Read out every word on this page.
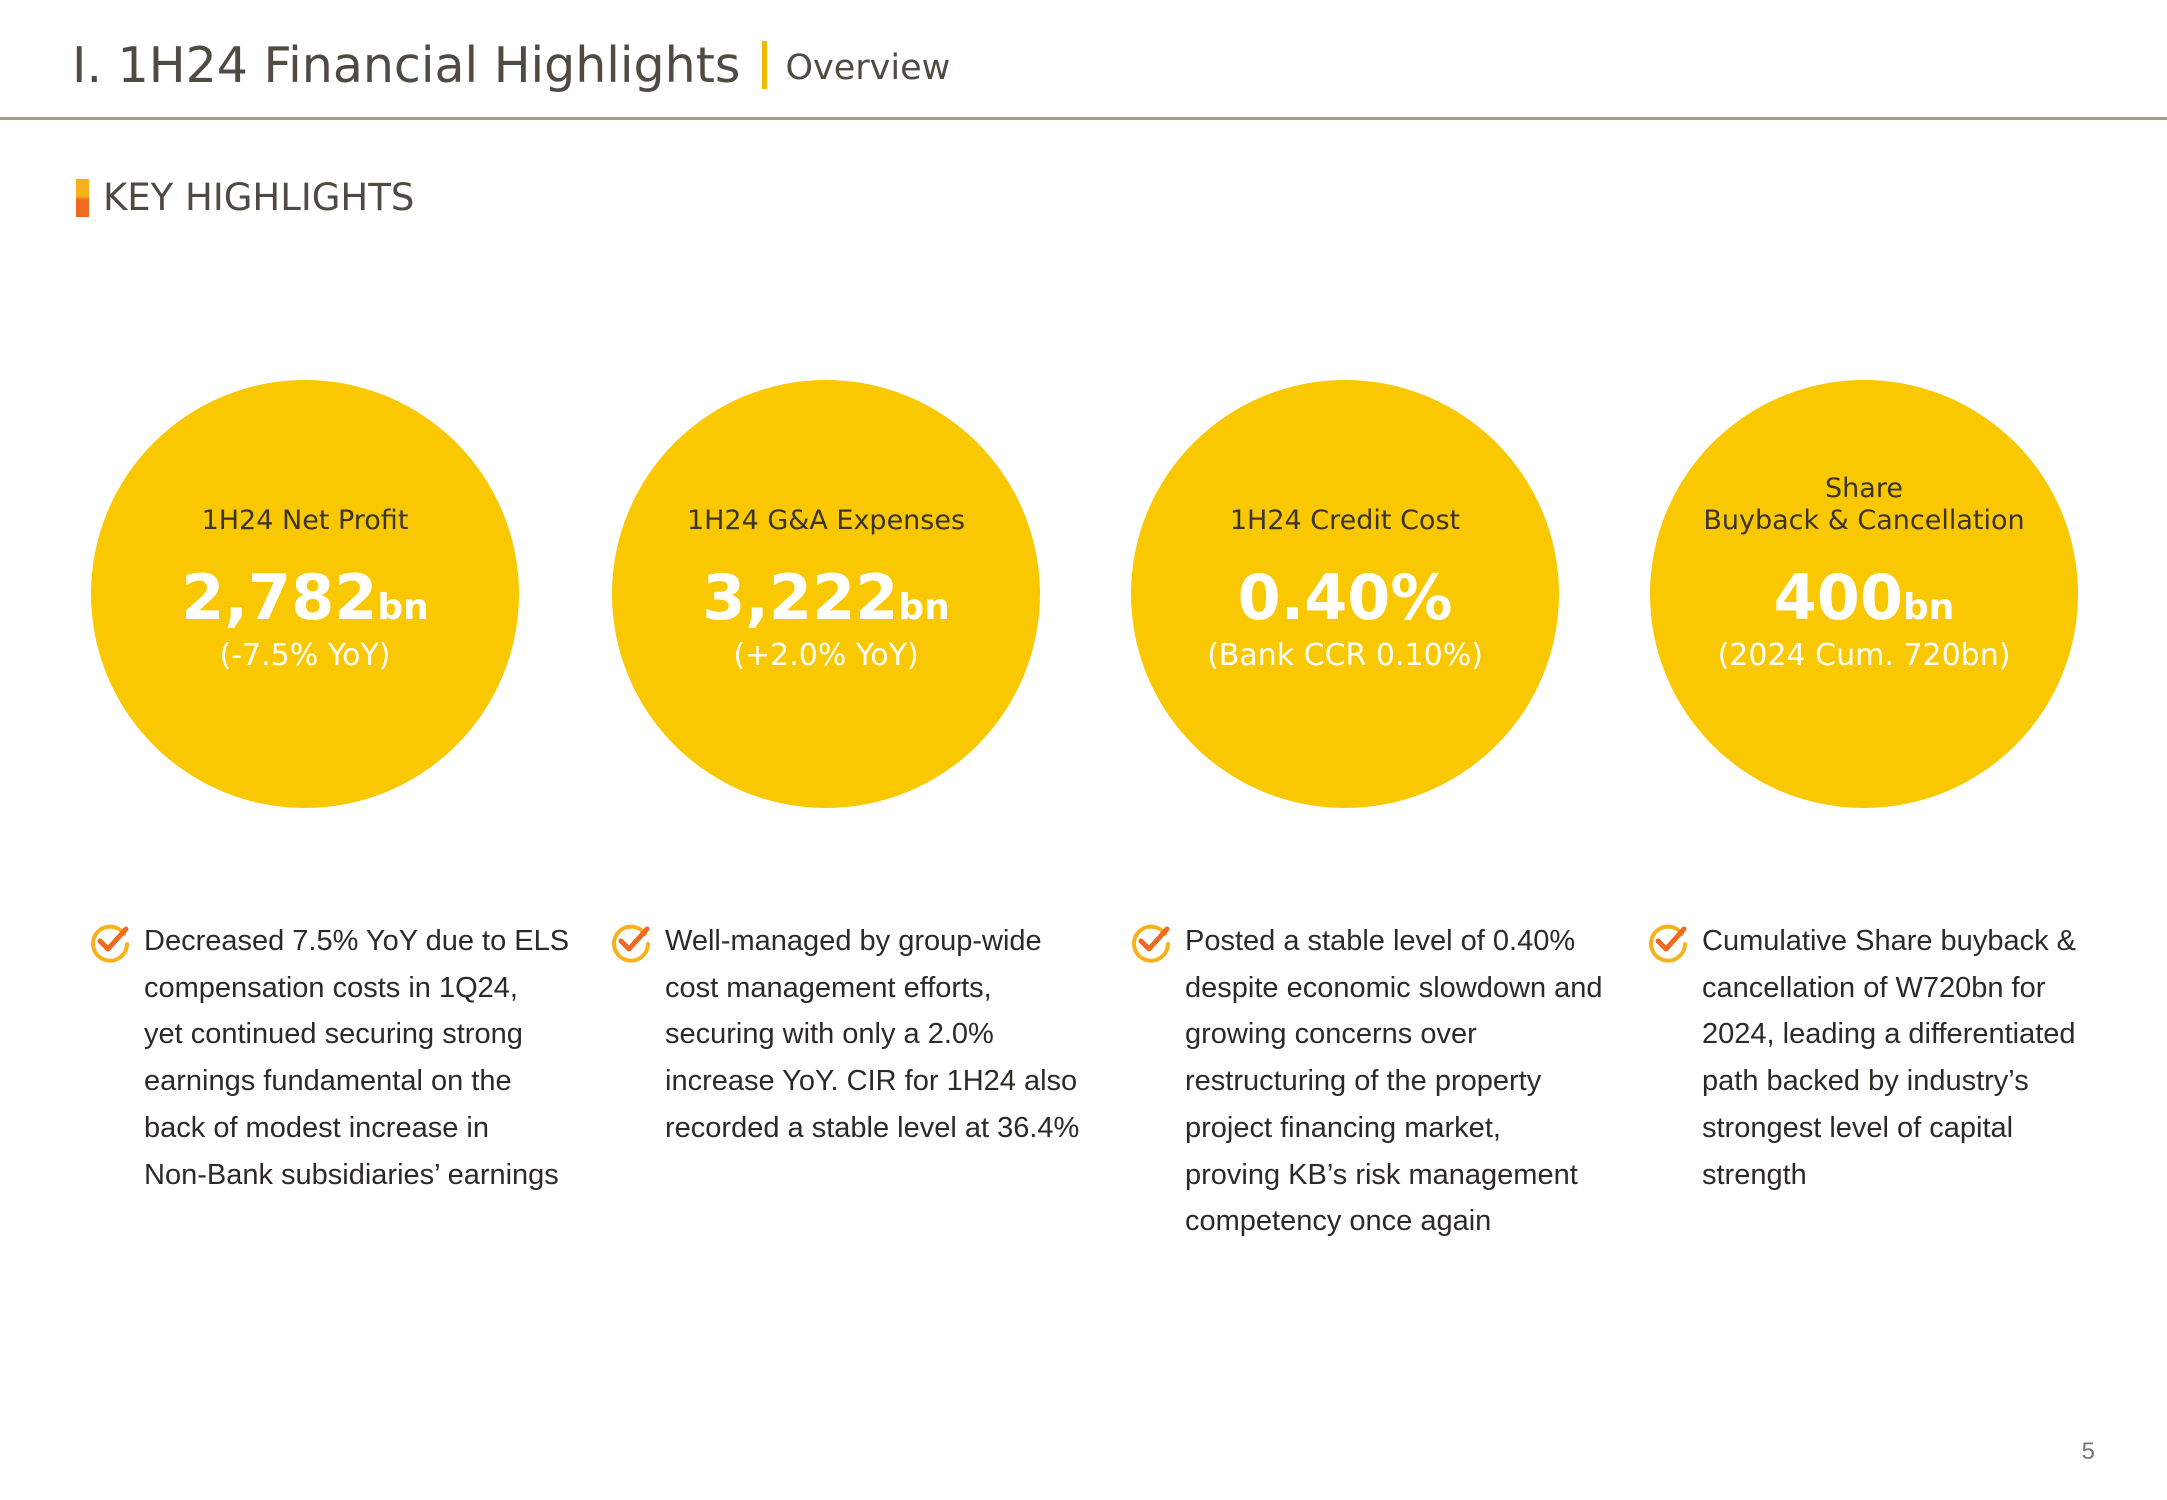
I. 1H24 Financial Highlights Overview
KEY HIGHLIGHTS
1H24 Net Profit
2,782bn
(-7.5% YoY)
1H24 G&A Expenses
3,222bn
(+2.0% YoY)
1H24 Credit Cost
0.40%
(Bank CCR 0.10%)
Share
Buyback & Cancellation
400bn
(2024 Cum. 720bn)
Decreased 7.5% YoY due to ELS
compensation costs in 1Q24,
yet continued securing strong
earnings fundamental on the
back of modest increase in
Non-Bank subsidiaries’ earnings
Well-managed by group-wide
cost management efforts,
securing with only a 2.0%
increase YoY. CIR for 1H24 also
recorded a stable level at 36.4%
Posted a stable level of 0.40%
despite economic slowdown and
growing concerns over
restructuring of the property
project financing market,
proving KB’s risk management
competency once again
Cumulative Share buyback &
cancellation of W720bn for
2024, leading a differentiated
path backed by industry’s
strongest level of capital
strength
5
